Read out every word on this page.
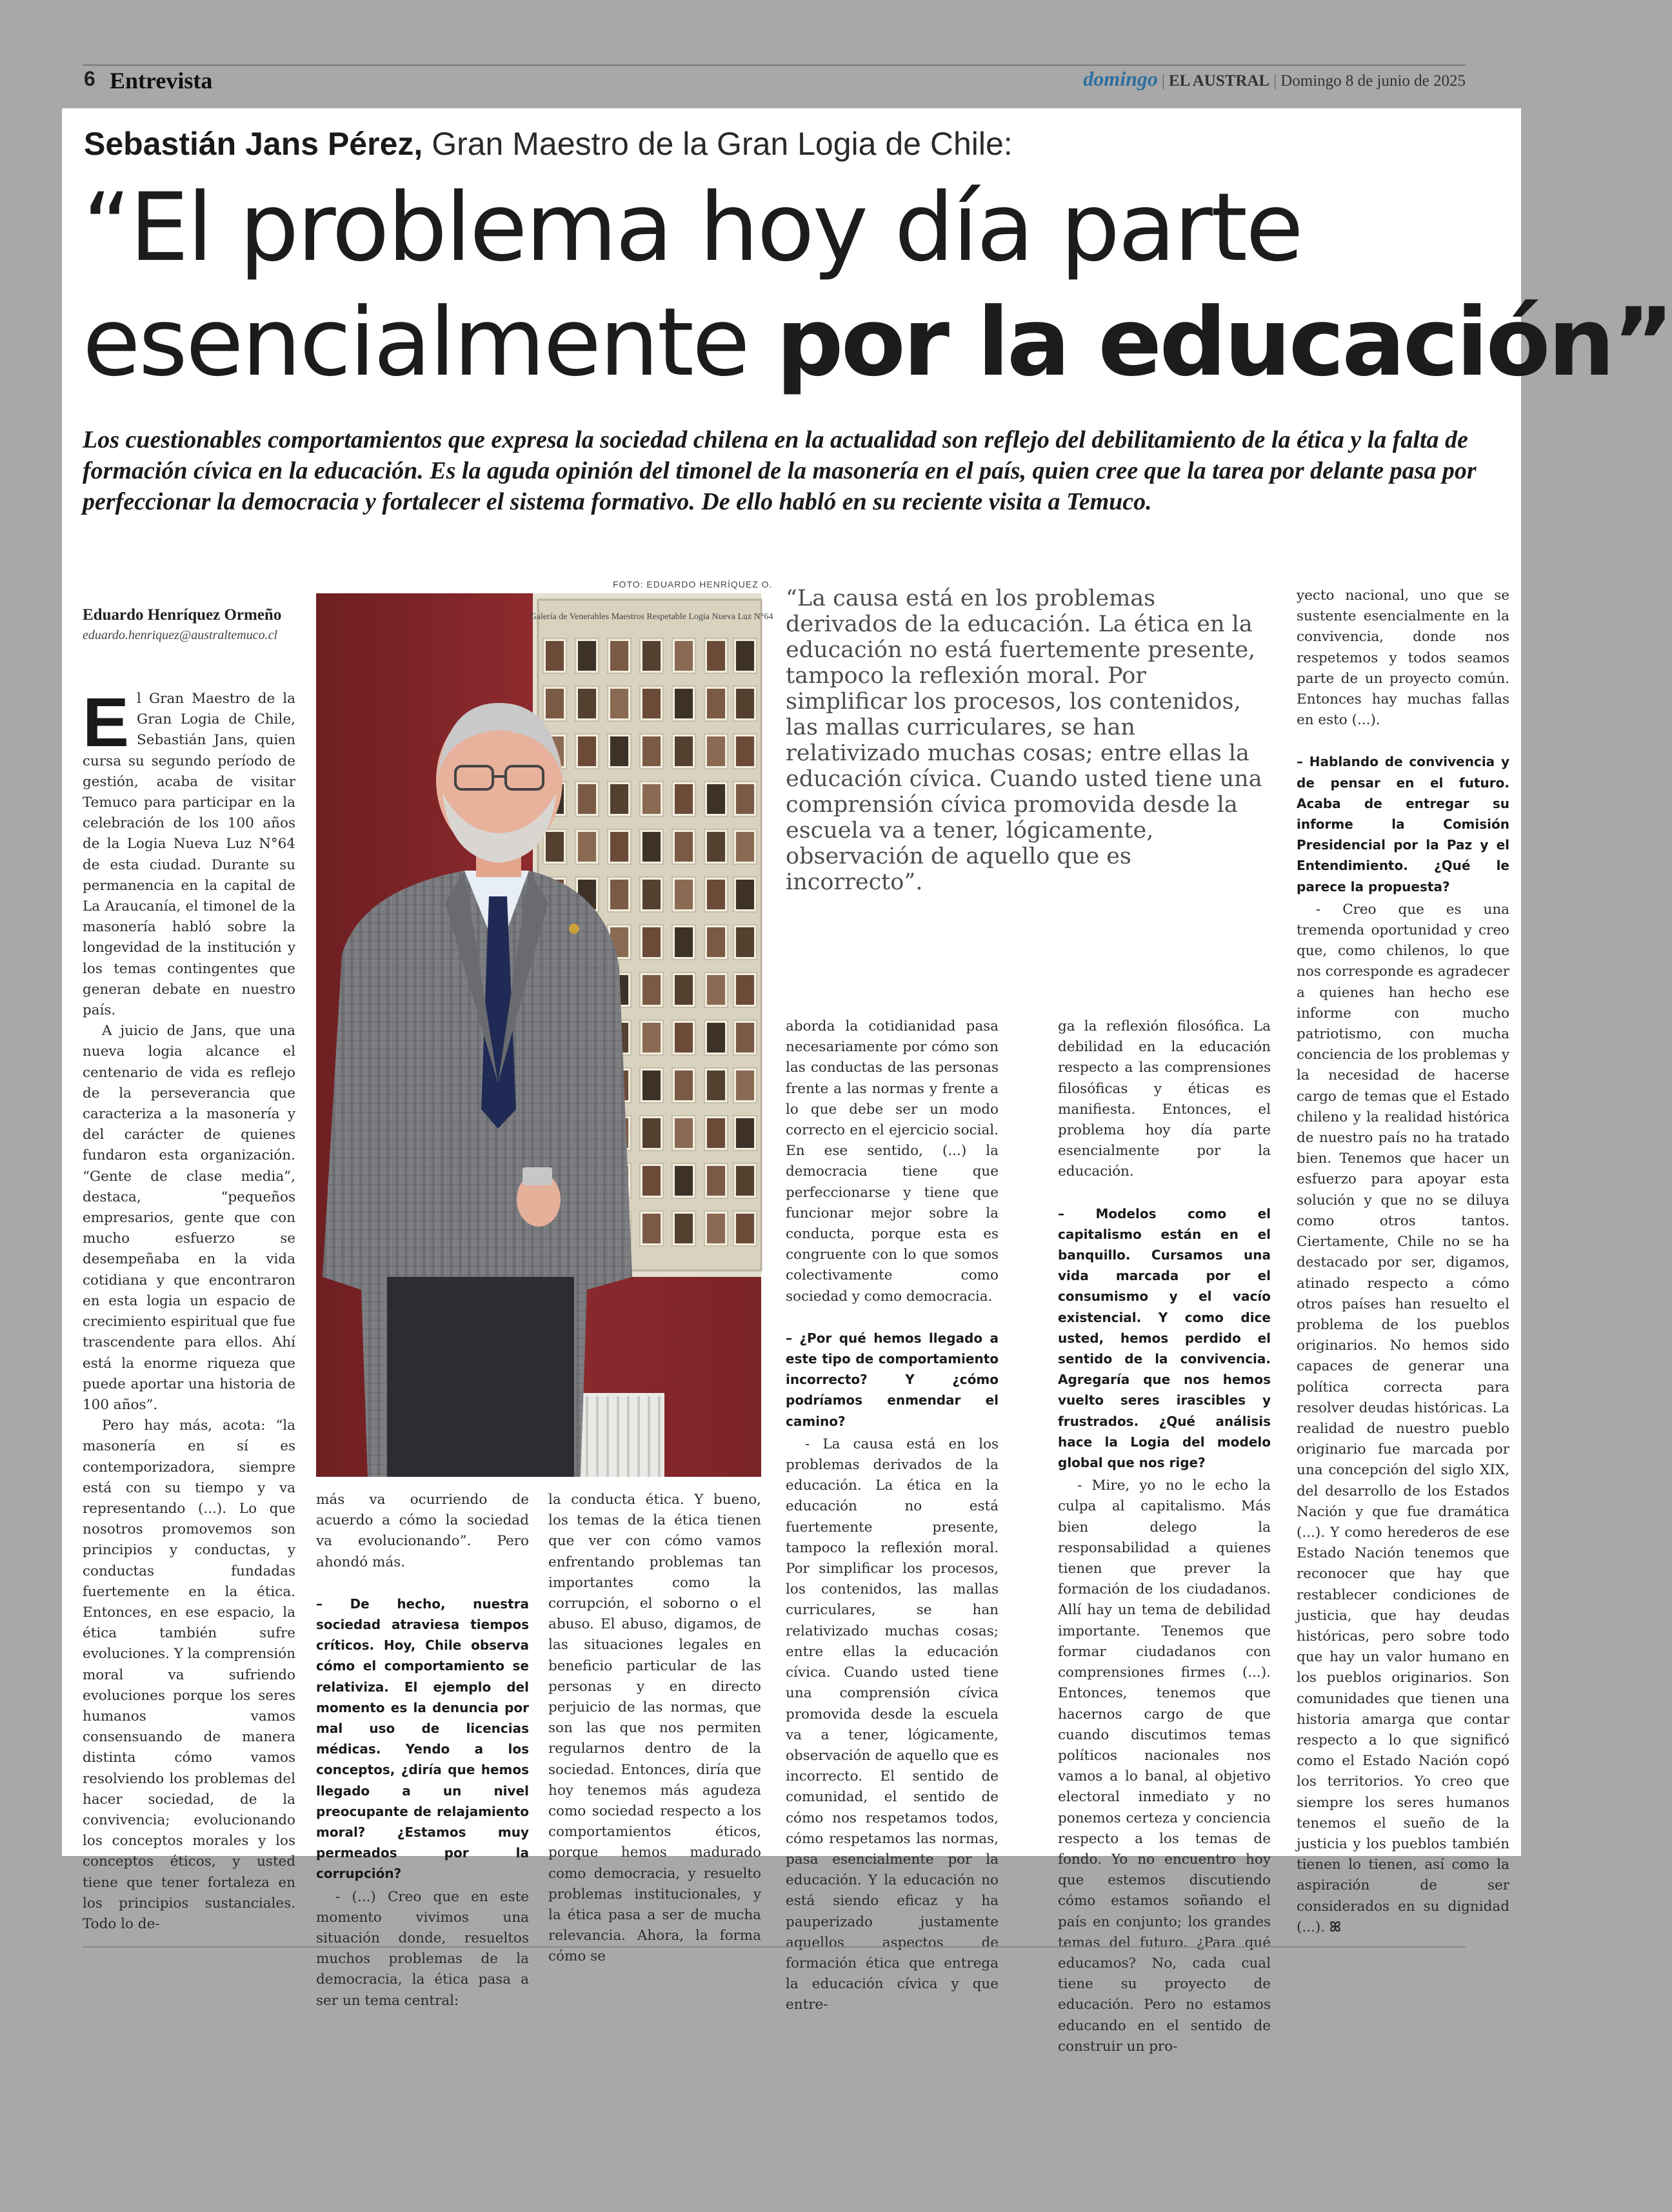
6 Entrevista	domingo | EL AUSTRAL | Domingo 8 de junio de 2025
Sebastián Jans Pérez, Gran Maestro de la Gran Logia de Chile:
“El problema hoy día parte
esencialmente por la educación”
Los cuestionables comportamientos que expresa la sociedad chilena en la actualidad son reflejo del debilitamiento de la ética y la falta de formación cívica en la educación. Es la aguda opinión del timonel de la masonería en el país, quien cree que la tarea por delante pasa por perfeccionar la democracia y fortalecer el sistema formativo. De ello habló en su reciente visita a Temuco.
Eduardo Henríquez Ormeño
eduardo.henriquez@australtemuco.cl
FOTO: EDUARDO HENRÍQUEZ O.
Galería de Venerables Maestros Respetable Logia Nueva Luz N°64
“La causa está en los problemas derivados de la educación. La ética en la educación no está fuertemente presente, tampoco la reflexión moral. Por simplificar los procesos, los contenidos, las mallas curriculares, se han relativizado muchas cosas; entre ellas la educación cívica. Cuando usted tiene una comprensión cívica promovida desde la escuela va a tener, lógicamente, observación de aquello que es incorrecto”.

El Gran Maestro de la Gran Logia de Chile, Sebastián Jans, quien cursa su segundo período de gestión, acaba de visitar Temuco para participar en la celebración de los 100 años de la Logia Nueva Luz N°64 de esta ciudad. Durante su permanencia en la capital de La Araucanía, el timonel de la masonería habló sobre la longevidad de la institución y los temas contingentes que generan debate en nuestro país.

A juicio de Jans, que una nueva logia alcance el centenario de vida es reflejo de la perseverancia que caracteriza a la masonería y del carácter de quienes fundaron esta organización. “Gente de clase media”, destaca, “pequeños empresarios, gente que con mucho esfuerzo se desempeñaba en la vida cotidiana y que encontraron en esta logia un espacio de crecimiento espiritual que fue trascendente para ellos. Ahí está la enorme riqueza que puede aportar una historia de 100 años”.

Pero hay más, acota: “la masonería en sí es contemporizadora, siempre está con su tiempo y va representando (...). Lo que nosotros promovemos son principios y conductas, y conductas fundadas fuertemente en la ética. Entonces, en ese espacio, la ética también sufre evoluciones. Y la comprensión moral va sufriendo evoluciones porque los seres humanos vamos consensuando de manera distinta cómo vamos resolviendo los problemas del hacer sociedad, de la convivencia; evolucionando los conceptos morales y los conceptos éticos, y usted tiene que tener fortaleza en los principios sustanciales. Todo lo de-

más va ocurriendo de acuerdo a cómo la sociedad va evolucionando”. Pero ahondó más.

– De hecho, nuestra sociedad atraviesa tiempos críticos. Hoy, Chile observa cómo el comportamiento se relativiza. El ejemplo del momento es la denuncia por mal uso de licencias médicas. Yendo a los conceptos, ¿diría que hemos llegado a un nivel preocupante de relajamiento moral? ¿Estamos muy permeados por la corrupción?

- (...) Creo que en este momento vivimos una situación donde, resueltos muchos problemas de la democracia, la ética pasa a ser un tema central:

la conducta ética. Y bueno, los temas de la ética tienen que ver con cómo vamos enfrentando problemas tan importantes como la corrupción, el soborno o el abuso. El abuso, digamos, de las situaciones legales en beneficio particular de las personas y en directo perjuicio de las normas, que son las que nos permiten regularnos dentro de la sociedad. Entonces, diría que hoy tenemos más agudeza como sociedad respecto a los comportamientos éticos, porque hemos madurado como democracia, y resuelto problemas institucionales, y la ética pasa a ser de mucha relevancia. Ahora, la forma cómo se

aborda la cotidianidad pasa necesariamente por cómo son las conductas de las personas frente a las normas y frente a lo que debe ser un modo correcto en el ejercicio social. En ese sentido, (...) la democracia tiene que perfeccionarse y tiene que funcionar mejor sobre la conducta, porque esta es congruente con lo que somos colectivamente como sociedad y como democracia.

– ¿Por qué hemos llegado a este tipo de comportamiento incorrecto? Y ¿cómo podríamos enmendar el camino?

- La causa está en los problemas derivados de la educación. La ética en la educación no está fuertemente presente, tampoco la reflexión moral. Por simplificar los procesos, los contenidos, las mallas curriculares, se han relativizado muchas cosas; entre ellas la educación cívica. Cuando usted tiene una comprensión cívica promovida desde la escuela va a tener, lógicamente, observación de aquello que es incorrecto. El sentido de comunidad, el sentido de cómo nos respetamos todos, cómo respetamos las normas, pasa esencialmente por la educación. Y la educación no está siendo eficaz y ha pauperizado justamente aquellos aspectos de formación ética que entrega la educación cívica y que entre-

ga la reflexión filosófica. La debilidad en la educación respecto a las comprensiones filosóficas y éticas es manifiesta. Entonces, el problema hoy día parte esencialmente por la educación.

– Modelos como el capitalismo están en el banquillo. Cursamos una vida marcada por el consumismo y el vacío existencial. Y como dice usted, hemos perdido el sentido de la convivencia. Agregaría que nos hemos vuelto seres irascibles y frustrados. ¿Qué análisis hace la Logia del modelo global que nos rige?

- Mire, yo no le echo la culpa al capitalismo. Más bien delego la responsabilidad a quienes tienen que prever la formación de los ciudadanos. Allí hay un tema de debilidad importante. Tenemos que formar ciudadanos con comprensiones firmes (...). Entonces, tenemos que hacernos cargo de que cuando discutimos temas políticos nacionales nos vamos a lo banal, al objetivo electoral inmediato y no ponemos certeza y conciencia respecto a los temas de fondo. Yo no encuentro hoy que estemos discutiendo cómo estamos soñando el país en conjunto; los grandes temas del futuro. ¿Para qué educamos? No, cada cual tiene su proyecto de educación. Pero no estamos educando en el sentido de construir un pro-

yecto nacional, uno que se sustente esencialmente en la convivencia, donde nos respetemos y todos seamos parte de un proyecto común. Entonces hay muchas fallas en esto (...).

– Hablando de convivencia y de pensar en el futuro. Acaba de entregar su informe la Comisión Presidencial por la Paz y el Entendimiento. ¿Qué le parece la propuesta?

- Creo que es una tremenda oportunidad y creo que, como chilenos, lo que nos corresponde es agradecer a quienes han hecho ese informe con mucho patriotismo, con mucha conciencia de los problemas y la necesidad de hacerse cargo de temas que el Estado chileno y la realidad histórica de nuestro país no ha tratado bien. Tenemos que hacer un esfuerzo para apoyar esta solución y que no se diluya como otros tantos. Ciertamente, Chile no se ha destacado por ser, digamos, atinado respecto a cómo otros países han resuelto el problema de los pueblos originarios. No hemos sido capaces de generar una política correcta para resolver deudas históricas. La realidad de nuestro pueblo originario fue marcada por una concepción del siglo XIX, del desarrollo de los Estados Nación y que fue dramática (...). Y como herederos de ese Estado Nación tenemos que reconocer que hay que restablecer condiciones de justicia, que hay deudas históricas, pero sobre todo que hay un valor humano en los pueblos originarios. Son comunidades que tienen una historia amarga que contar respecto a lo que significó como el Estado Nación copó los territorios. Yo creo que siempre los seres humanos tenemos el sueño de la justicia y los pueblos también tienen lo tienen, así como la aspiración de ser considerados en su dignidad (...). ꕤ
